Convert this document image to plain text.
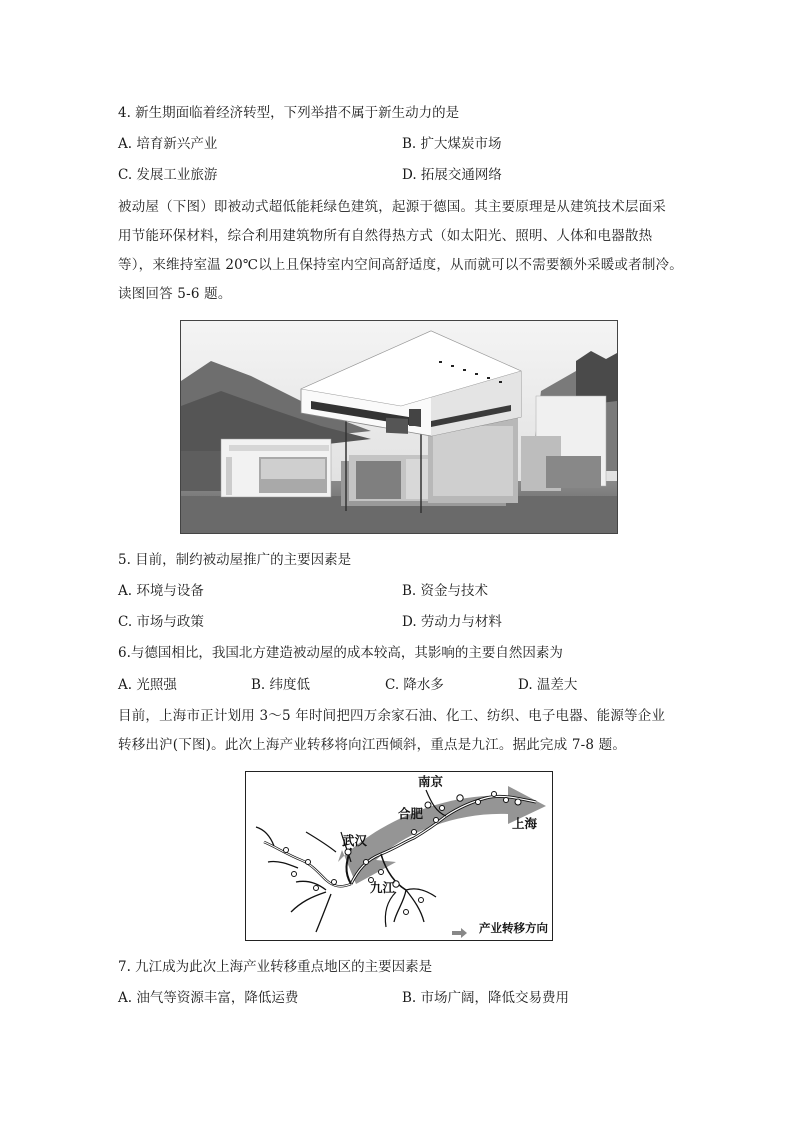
4. 新生期面临着经济转型，下列举措不属于新生动力的是
A. 培育新兴产业	B. 扩大煤炭市场
C. 发展工业旅游	D. 拓展交通网络
被动屋（下图）即被动式超低能耗绿色建筑，起源于德国。其主要原理是从建筑技术层面采
用节能环保材料，综合利用建筑物所有自然得热方式（如太阳光、照明、人体和电器散热
等），来维持室温 20℃以上且保持室内空间高舒适度，从而就可以不需要额外采暖或者制冷。
读图回答 5-6 题。
5. 目前，制约被动屋推广的主要因素是
A. 环境与设备	B. 资金与技术
C. 市场与政策	D. 劳动力与材料
6.与德国相比，我国北方建造被动屋的成本较高，其影响的主要自然因素为
A. 光照强	B. 纬度低	C. 降水多	D. 温差大
目前，上海市正计划用 3～5 年时间把四万余家石油、化工、纺织、电子电器、能源等企业
转移出沪(下图)。此次上海产业转移将向江西倾斜，重点是九江。据此完成 7-8 题。
南京
合肥
上海
武汉
九江
产业转移方向
7. 九江成为此次上海产业转移重点地区的主要因素是
A. 油气等资源丰富，降低运费	B. 市场广阔，降低交易费用
